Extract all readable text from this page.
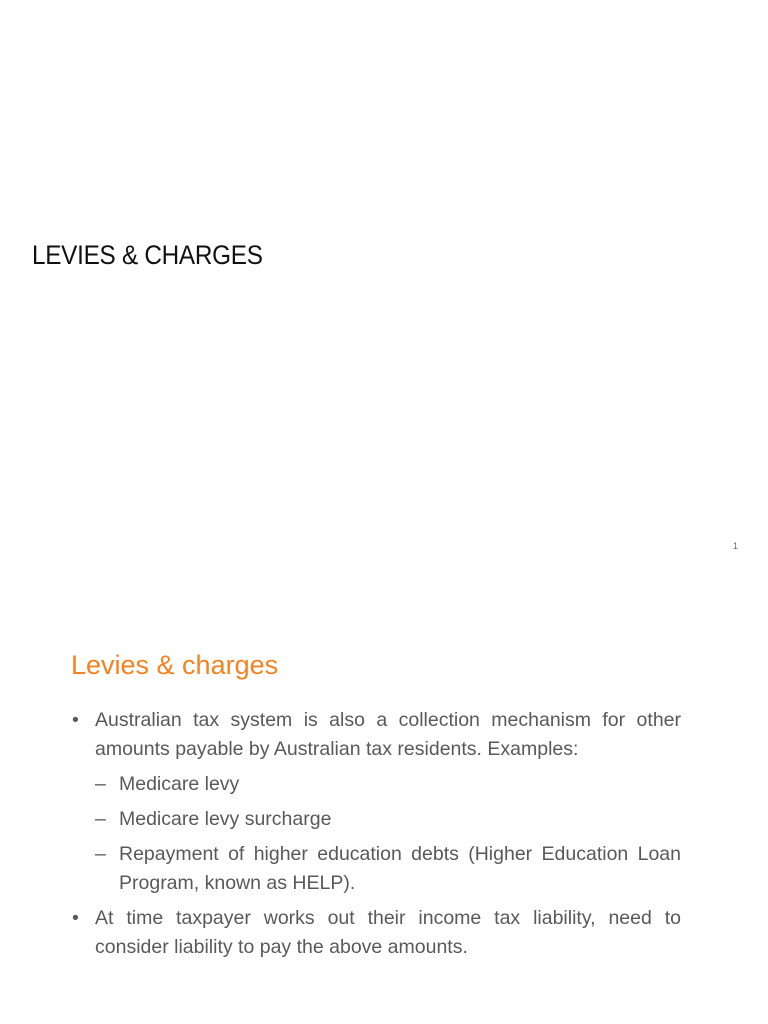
LEVIES & CHARGES
1
Levies & charges
• Australian tax system is also a collection mechanism for other amounts payable by Australian tax residents. Examples:
– Medicare levy
– Medicare levy surcharge
– Repayment of higher education debts (Higher Education Loan Program, known as HELP).
• At time taxpayer works out their income tax liability, need to consider liability to pay the above amounts.
